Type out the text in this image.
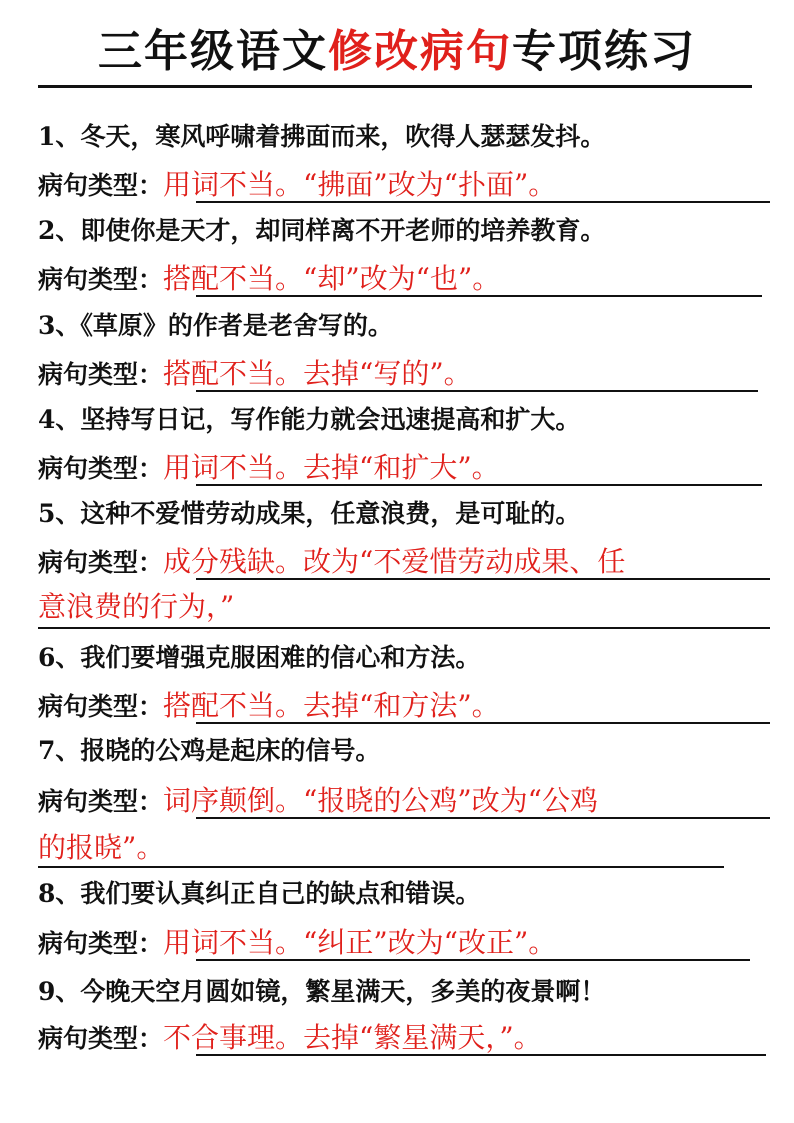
三年级语文修改病句专项练习
1、冬天，寒风呼啸着拂面而来，吹得人瑟瑟发抖。
病句类型：用词不当。“拂面”改为“扑面”。
2、即使你是天才，却同样离不开老师的培养教育。
病句类型：搭配不当。“却”改为“也”。
3、《草原》的作者是老舍写的。
病句类型：搭配不当。去掉“写的”。
4、坚持写日记，写作能力就会迅速提高和扩大。
病句类型：用词不当。去掉“和扩大”。
5、这种不爱惜劳动成果，任意浪费，是可耻的。
病句类型：成分残缺。改为“不爱惜劳动成果、任
意浪费的行为，”
6、我们要增强克服困难的信心和方法。
病句类型：搭配不当。去掉“和方法”。
7、报晓的公鸡是起床的信号。
病句类型：词序颠倒。“报晓的公鸡”改为“公鸡
的报晓”。
8、我们要认真纠正自己的缺点和错误。
病句类型：用词不当。“纠正”改为“改正”。
9、今晚天空月圆如镜，繁星满天，多美的夜景啊！
病句类型：不合事理。去掉“繁星满天，”。
